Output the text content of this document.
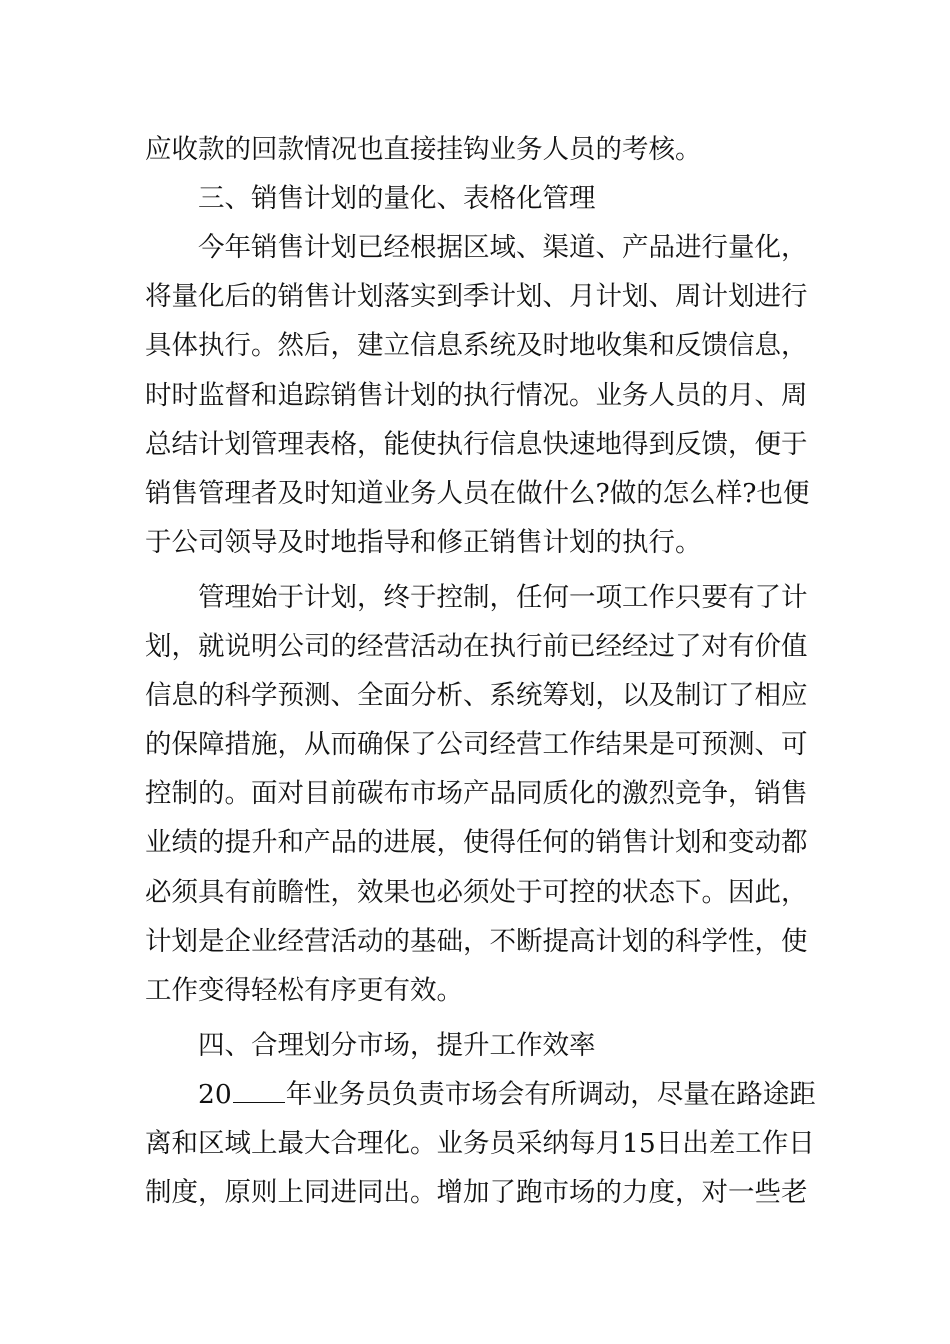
应收款的回款情况也直接挂钩业务人员的考核。

三、销售计划的量化、表格化管理

今年销售计划已经根据区域、渠道、产品进行量化，

将量化后的销售计划落实到季计划、月计划、周计划进行

具体执行。然后，建立信息系统及时地收集和反馈信息，

时时监督和追踪销售计划的执行情况。业务人员的月、周

总结计划管理表格，能使执行信息快速地得到反馈，便于

销售管理者及时知道业务人员在做什么?做的怎么样?也便

于公司领导及时地指导和修正销售计划的执行。

管理始于计划，终于控制，任何一项工作只要有了计

划，就说明公司的经营活动在执行前已经经过了对有价值

信息的科学预测、全面分析、系统筹划，以及制订了相应

的保障措施，从而确保了公司经营工作结果是可预测、可

控制的。面对目前碳布市场产品同质化的激烈竞争，销售

业绩的提升和产品的进展，使得任何的销售计划和变动都

必须具有前瞻性，效果也必须处于可控的状态下。因此，

计划是企业经营活动的基础，不断提高计划的科学性，使

工作变得轻松有序更有效。

四、合理划分市场，提升工作效率

20 年业务员负责市场会有所调动，尽量在路途距

离和区域上最大合理化。业务员采纳每月15日出差工作日

制度，原则上同进同出。增加了跑市场的力度，对一些老
